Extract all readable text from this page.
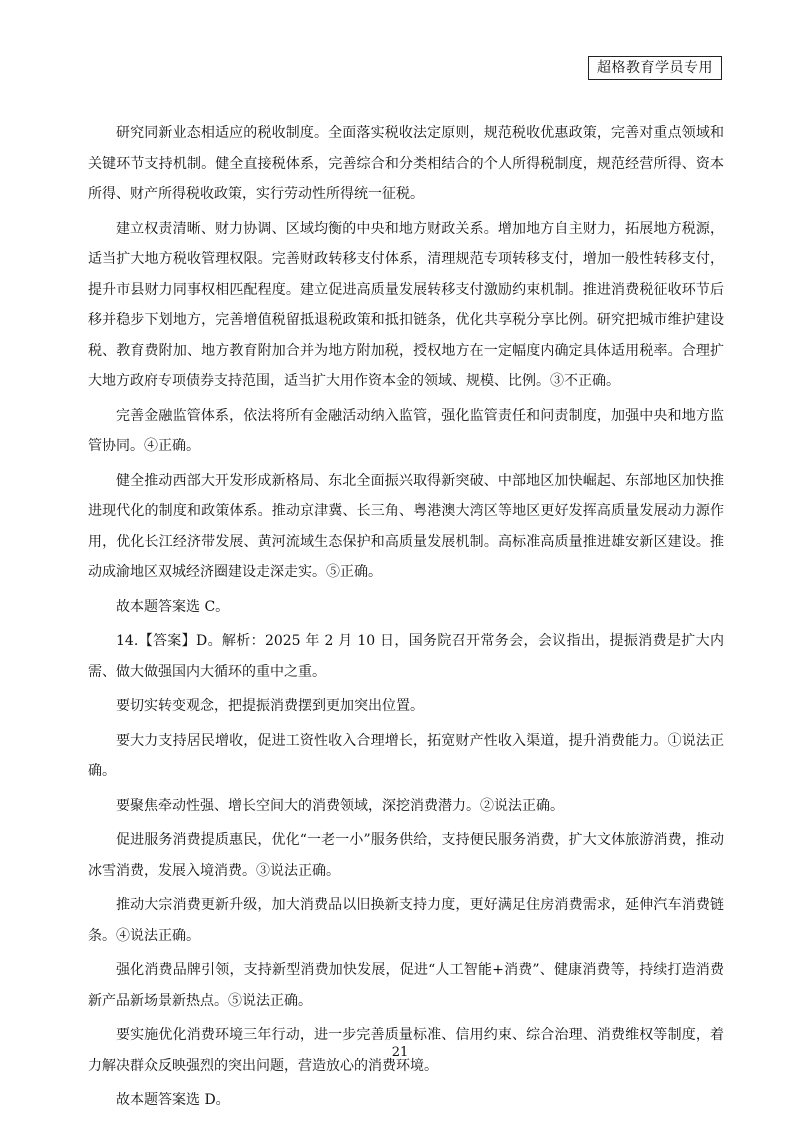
超格教育学员专用

研究同新业态相适应的税收制度。全面落实税收法定原则，规范税收优惠政策，完善对重点领域和关键环节支持机制。健全直接税体系，完善综合和分类相结合的个人所得税制度，规范经营所得、资本所得、财产所得税收政策，实行劳动性所得统一征税。

建立权责清晰、财力协调、区域均衡的中央和地方财政关系。增加地方自主财力，拓展地方税源，适当扩大地方税收管理权限。完善财政转移支付体系，清理规范专项转移支付，增加一般性转移支付，提升市县财力同事权相匹配程度。建立促进高质量发展转移支付激励约束机制。推进消费税征收环节后移并稳步下划地方，完善增值税留抵退税政策和抵扣链条，优化共享税分享比例。研究把城市维护建设税、教育费附加、地方教育附加合并为地方附加税，授权地方在一定幅度内确定具体适用税率。合理扩大地方政府专项债券支持范围，适当扩大用作资本金的领域、规模、比例。③不正确。

完善金融监管体系，依法将所有金融活动纳入监管，强化监管责任和问责制度，加强中央和地方监管协同。④正确。

健全推动西部大开发形成新格局、东北全面振兴取得新突破、中部地区加快崛起、东部地区加快推进现代化的制度和政策体系。推动京津冀、长三角、粤港澳大湾区等地区更好发挥高质量发展动力源作用，优化长江经济带发展、黄河流域生态保护和高质量发展机制。高标准高质量推进雄安新区建设。推动成渝地区双城经济圈建设走深走实。⑤正确。

故本题答案选 C。

14.【答案】D。解析：2025 年 2 月 10 日，国务院召开常务会，会议指出，提振消费是扩大内需、做大做强国内大循环的重中之重。

要切实转变观念，把提振消费摆到更加突出位置。

要大力支持居民增收，促进工资性收入合理增长，拓宽财产性收入渠道，提升消费能力。①说法正确。

要聚焦牵动性强、增长空间大的消费领域，深挖消费潜力。②说法正确。

促进服务消费提质惠民，优化“一老一小”服务供给，支持便民服务消费，扩大文体旅游消费，推动冰雪消费，发展入境消费。③说法正确。

推动大宗消费更新升级，加大消费品以旧换新支持力度，更好满足住房消费需求，延伸汽车消费链条。④说法正确。

强化消费品牌引领，支持新型消费加快发展，促进“人工智能+消费”、健康消费等，持续打造消费新产品新场景新热点。⑤说法正确。

要实施优化消费环境三年行动，进一步完善质量标准、信用约束、综合治理、消费维权等制度，着力解决群众反映强烈的突出问题，营造放心的消费环境。

故本题答案选 D。

21
